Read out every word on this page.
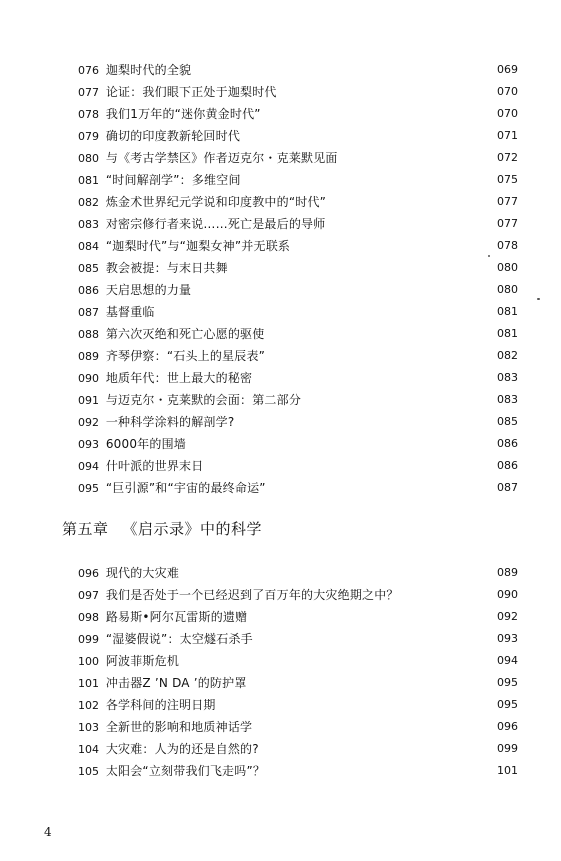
076 迦梨时代的全貌	069
077 论证：我们眼下正处于迦梨时代	070
078 我们1万年的“迷你黄金时代”	070
079 确切的印度教新轮回时代	071
080 与《考古学禁区》作者迈克尔・克莱默见面	072
081 “时间解剖学”：多维空间	075
082 炼金术世界纪元学说和印度教中的“时代”	077
083 对密宗修行者来说……死亡是最后的导师	077
084 “迦梨时代”与“迦梨女神”并无联系	078
085 教会被提：与末日共舞	080
086 天启思想的力量	080
087 基督重临	081
088 第六次灭绝和死亡心愿的驱使	081
089 齐琴伊察：“石头上的星辰表”	082
090 地质年代：世上最大的秘密	083
091 与迈克尔・克莱默的会面：第二部分	083
092 一种科学涂料的解剖学?	085
093 6000年的围墙	086
094 什叶派的世界末日	086
095 “巨引源”和“宇宙的最终命运”	087
第五章 《启示录》中的科学
096 现代的大灾难	089
097 我们是否处于一个已经迟到了百万年的大灾绝期之中？	090
098 路易斯•阿尔瓦雷斯的遗赠	092
099 “湿婆假说”：太空燧石杀手	093
100 阿波菲斯危机	094
101 冲击器Z ’N DA ’的防护罩	095
102 各学科间的注明日期	095
103 全新世的影响和地质神话学	096
104 大灾难：人为的还是自然的?	099
105 太阳会“立刻带我们飞走吗”？	101
4
